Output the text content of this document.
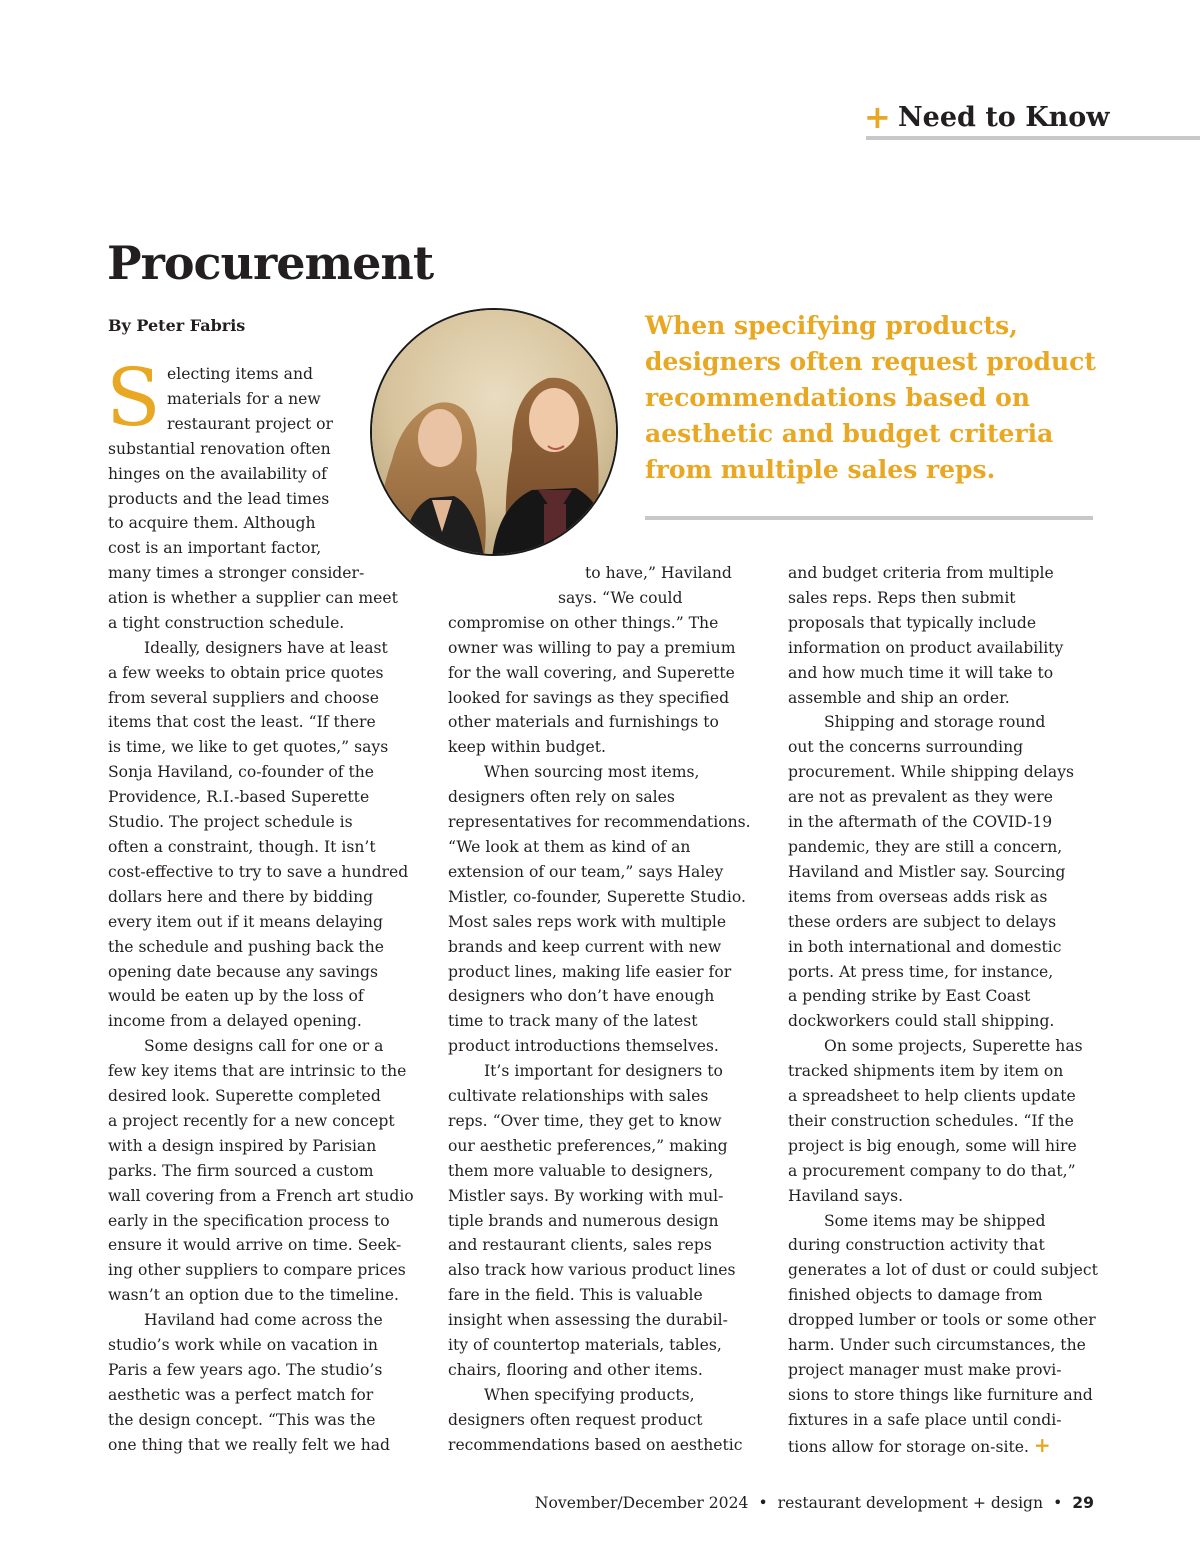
+ Need to Know
Procurement
By Peter Fabris	When specifying products, designers often request product recommendations based on aesthetic and budget criteria from multiple sales reps.
S electing items and
materials for a new
restaurant project or
substantial renovation often
hinges on the availability of
products and the lead times
to acquire them. Although
cost is an important factor,
many times a stronger consider-
ation is whether a supplier can meet
a tight construction schedule.
Ideally, designers have at least
a few weeks to obtain price quotes
from several suppliers and choose
items that cost the least. “If there
is time, we like to get quotes,” says
Sonja Haviland, co-founder of the
Providence, R.I.-based Superette
Studio. The project schedule is
often a constraint, though. It isn’t
cost-effective to try to save a hundred
dollars here and there by bidding
every item out if it means delaying
the schedule and pushing back the
opening date because any savings
would be eaten up by the loss of
income from a delayed opening.
Some designs call for one or a
few key items that are intrinsic to the
desired look. Superette completed
a project recently for a new concept
with a design inspired by Parisian
parks. The firm sourced a custom
wall covering from a French art studio
early in the specification process to
ensure it would arrive on time. Seek-
ing other suppliers to compare prices
wasn’t an option due to the timeline.
Haviland had come across the
studio’s work while on vacation in
Paris a few years ago. The studio’s
aesthetic was a perfect match for
the design concept. “This was the
one thing that we really felt we had
to have,” Haviland
says. “We could
compromise on other things.” The
owner was willing to pay a premium
for the wall covering, and Superette
looked for savings as they specified
other materials and furnishings to
keep within budget.
When sourcing most items,
designers often rely on sales
representatives for recommendations.
“We look at them as kind of an
extension of our team,” says Haley
Mistler, co-founder, Superette Studio.
Most sales reps work with multiple
brands and keep current with new
product lines, making life easier for
designers who don’t have enough
time to track many of the latest
product introductions themselves.
It’s important for designers to
cultivate relationships with sales
reps. “Over time, they get to know
our aesthetic preferences,” making
them more valuable to designers,
Mistler says. By working with mul-
tiple brands and numerous design
and restaurant clients, sales reps
also track how various product lines
fare in the field. This is valuable
insight when assessing the durabil-
ity of countertop materials, tables,
chairs, flooring and other items.
When specifying products,
designers often request product
recommendations based on aesthetic
and budget criteria from multiple
sales reps. Reps then submit
proposals that typically include
information on product availability
and how much time it will take to
assemble and ship an order.
Shipping and storage round
out the concerns surrounding
procurement. While shipping delays
are not as prevalent as they were
in the aftermath of the COVID-19
pandemic, they are still a concern,
Haviland and Mistler say. Sourcing
items from overseas adds risk as
these orders are subject to delays
in both international and domestic
ports. At press time, for instance,
a pending strike by East Coast
dockworkers could stall shipping.
On some projects, Superette has
tracked shipments item by item on
a spreadsheet to help clients update
their construction schedules. “If the
project is big enough, some will hire
a procurement company to do that,”
Haviland says.
Some items may be shipped
during construction activity that
generates a lot of dust or could subject
finished objects to damage from
dropped lumber or tools or some other
harm. Under such circumstances, the
project manager must make provi-
sions to store things like furniture and
fixtures in a safe place until condi-
tions allow for storage on-site. +
November/December 2024 • restaurant development + design • 29
